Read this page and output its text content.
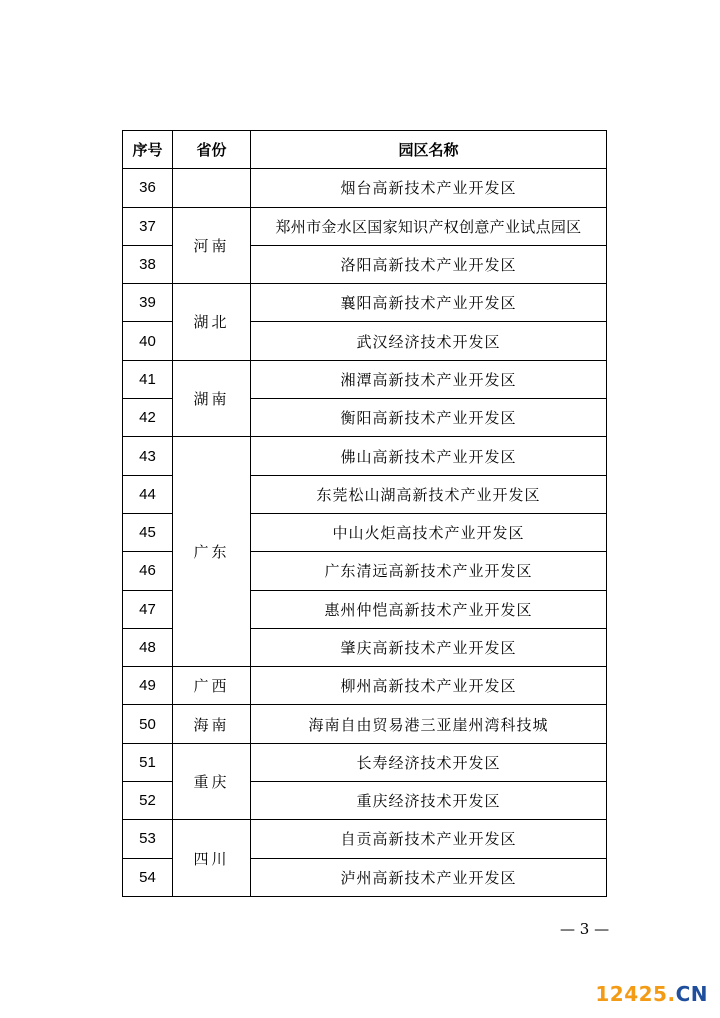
序号	省份	园区名称
36		烟台高新技术产业开发区
37	河南	郑州市金水区国家知识产权创意产业试点园区
38		洛阳高新技术产业开发区
39	湖北	襄阳高新技术产业开发区
40		武汉经济技术开发区
41	湖南	湘潭高新技术产业开发区
42		衡阳高新技术产业开发区
43	广东	佛山高新技术产业开发区
44		东莞松山湖高新技术产业开发区
45		中山火炬高技术产业开发区
46		广东清远高新技术产业开发区
47		惠州仲恺高新技术产业开发区
48		肇庆高新技术产业开发区
49	广西	柳州高新技术产业开发区
50	海南	海南自由贸易港三亚崖州湾科技城
51	重庆	长寿经济技术开发区
52		重庆经济技术开发区
53	四川	自贡高新技术产业开发区
54		泸州高新技术产业开发区
— 3 —
12425.CN
